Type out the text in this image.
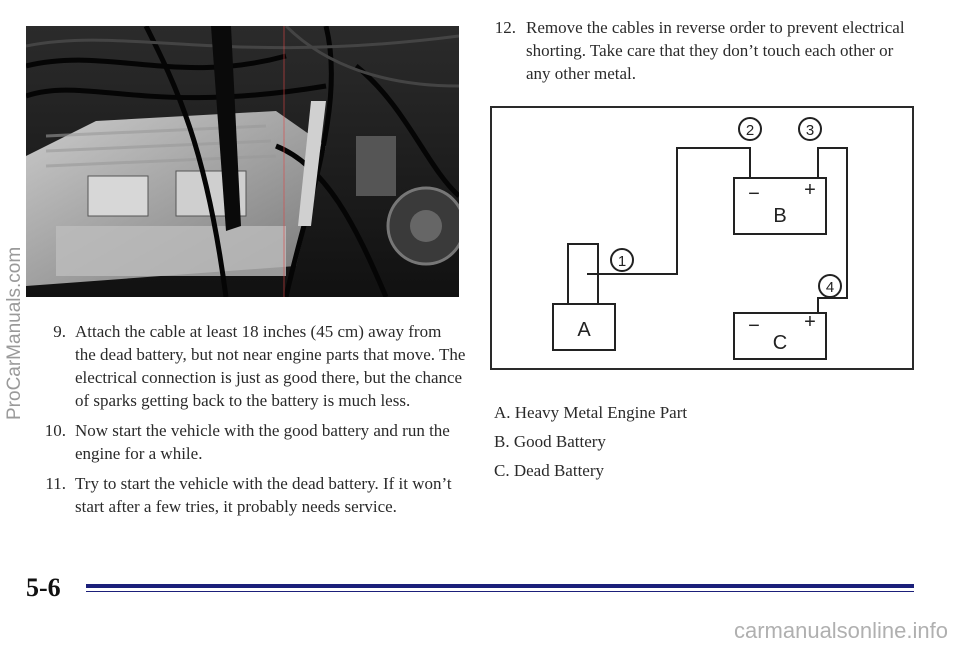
9. Attach the cable at least 18 inches (45 cm) away from the dead battery, but not near engine parts that move. The electrical connection is just as good there, but the chance of sparks getting back to the battery is much less.
10. Now start the vehicle with the good battery and run the engine for a while.
11. Try to start the vehicle with the dead battery. If it won’t start after a few tries, it probably needs service.
12. Remove the cables in reverse order to prevent electrical shorting. Take care that they don’t touch each other or any other metal.
A
− +
B
− +
C
1
2	3
4
A. Heavy Metal Engine Part
B. Good Battery
C. Dead Battery
5-6
ProCarManuals.com
carmanualsonline.info
